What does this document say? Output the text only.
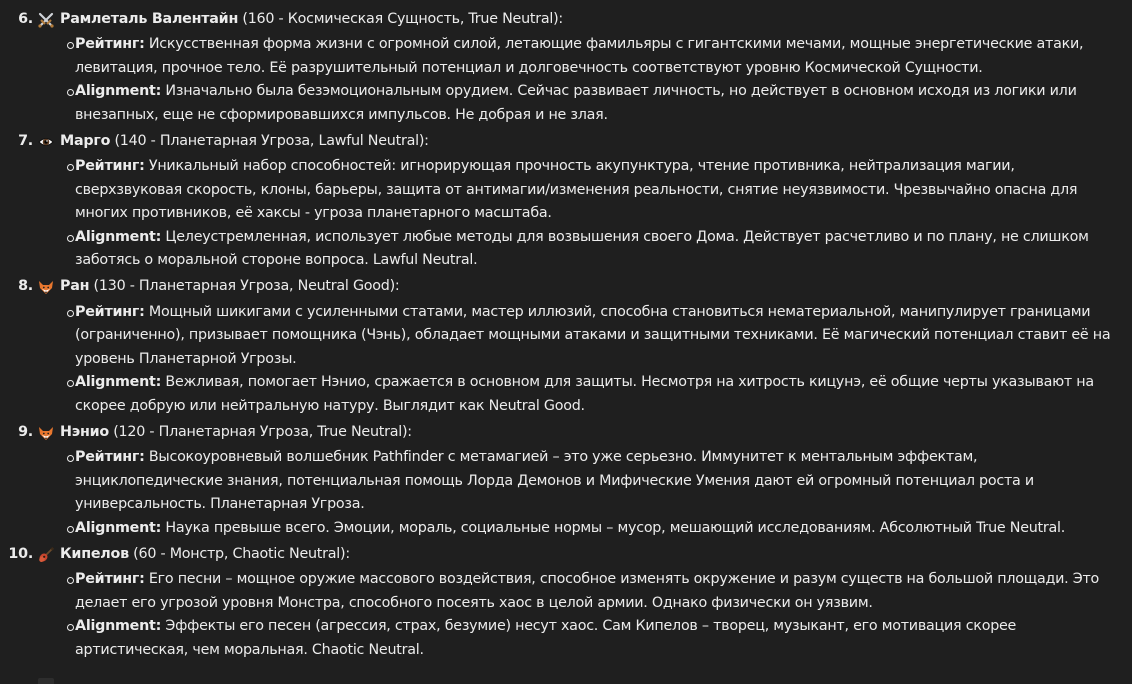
6. Рамлеталь Валентайн (160 - Космическая Сущность, True Neutral):
Рейтинг: Искусственная форма жизни с огромной силой, летающие фамильяры с гигантскими мечами, мощные энергетические атаки, левитация, прочное тело. Её разрушительный потенциал и долговечность соответствуют уровню Космической Сущности.
Alignment: Изначально была безэмоциональным орудием. Сейчас развивает личность, но действует в основном исходя из логики или внезапных, еще не сформировавшихся импульсов. Не добрая и не злая.
7. Марго (140 - Планетарная Угроза, Lawful Neutral):
Рейтинг: Уникальный набор способностей: игнорирующая прочность акупунктура, чтение противника, нейтрализация магии, сверхзвуковая скорость, клоны, барьеры, защита от антимагии/изменения реальности, снятие неуязвимости. Чрезвычайно опасна для многих противников, её хаксы - угроза планетарного масштаба.
Alignment: Целеустремленная, использует любые методы для возвышения своего Дома. Действует расчетливо и по плану, не слишком заботясь о моральной стороне вопроса. Lawful Neutral.
8. Ран (130 - Планетарная Угроза, Neutral Good):
Рейтинг: Мощный шикигами с усиленными статами, мастер иллюзий, способна становиться нематериальной, манипулирует границами (ограниченно), призывает помощника (Чэнь), обладает мощными атаками и защитными техниками. Её магический потенциал ставит её на уровень Планетарной Угрозы.
Alignment: Вежливая, помогает Нэнио, сражается в основном для защиты. Несмотря на хитрость кицунэ, её общие черты указывают на скорее добрую или нейтральную натуру. Выглядит как Neutral Good.
9. Нэнио (120 - Планетарная Угроза, True Neutral):
Рейтинг: Высокоуровневый волшебник Pathfinder с метамагией – это уже серьезно. Иммунитет к ментальным эффектам, энциклопедические знания, потенциальная помощь Лорда Демонов и Мифические Умения дают ей огромный потенциал роста и универсальность. Планетарная Угроза.
Alignment: Наука превыше всего. Эмоции, мораль, социальные нормы – мусор, мешающий исследованиям. Абсолютный True Neutral.
10. Кипелов (60 - Монстр, Chaotic Neutral):
Рейтинг: Его песни – мощное оружие массового воздействия, способное изменять окружение и разум существ на большой площади. Это делает его угрозой уровня Монстра, способного посеять хаос в целой армии. Однако физически он уязвим.
Alignment: Эффекты его песен (агрессия, страх, безумие) несут хаос. Сам Кипелов – творец, музыкант, его мотивация скорее артистическая, чем моральная. Chaotic Neutral.
